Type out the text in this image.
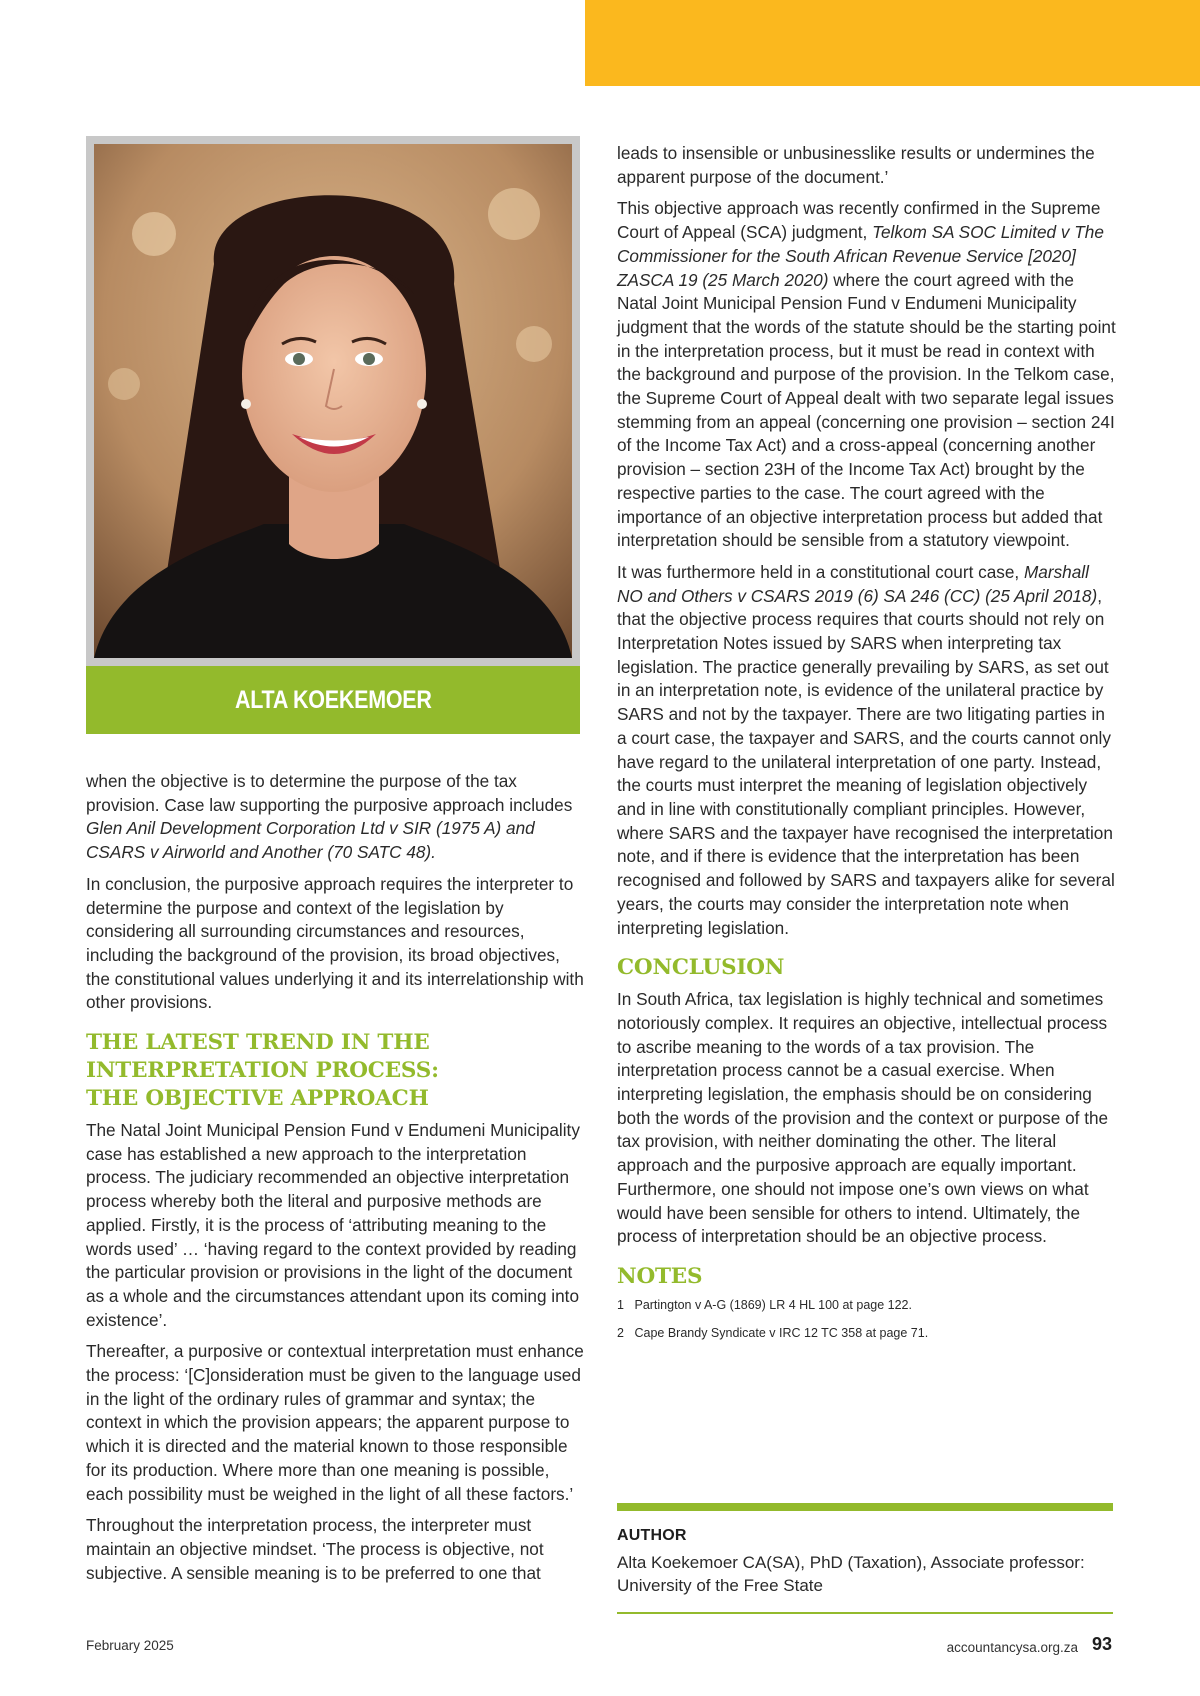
ALTA KOEKEMOER

when the objective is to determine the purpose of the tax provision. Case law supporting the purposive approach includes Glen Anil Development Corporation Ltd v SIR (1975 A) and CSARS v Airworld and Another (70 SATC 48).

In conclusion, the purposive approach requires the interpreter to determine the purpose and context of the legislation by considering all surrounding circumstances and resources, including the background of the provision, its broad objectives, the constitutional values underlying it and its interrelationship with other provisions.

THE LATEST TREND IN THE
INTERPRETATION PROCESS:
THE OBJECTIVE APPROACH

The Natal Joint Municipal Pension Fund v Endumeni Municipality case has established a new approach to the interpretation process. The judiciary recommended an objective interpretation process whereby both the literal and purposive methods are applied. Firstly, it is the process of ‘attributing meaning to the words used’ … ‘having regard to the context provided by reading the particular provision or provisions in the light of the document as a whole and the circumstances attendant upon its coming into existence’.

Thereafter, a purposive or contextual interpretation must enhance the process: ‘[C]onsideration must be given to the language used in the light of the ordinary rules of grammar and syntax; the context in which the provision appears; the apparent purpose to which it is directed and the material known to those responsible for its production. Where more than one meaning is possible, each possibility must be weighed in the light of all these factors.’

Throughout the interpretation process, the interpreter must maintain an objective mindset. ‘The process is objective, not subjective. A sensible meaning is to be preferred to one that

leads to insensible or unbusinesslike results or undermines the apparent purpose of the document.’

This objective approach was recently confirmed in the Supreme Court of Appeal (SCA) judgment, Telkom SA SOC Limited v The Commissioner for the South African Revenue Service [2020] ZASCA 19 (25 March 2020) where the court agreed with the Natal Joint Municipal Pension Fund v Endumeni Municipality judgment that the words of the statute should be the starting point in the interpretation process, but it must be read in context with the background and purpose of the provision. In the Telkom case, the Supreme Court of Appeal dealt with two separate legal issues stemming from an appeal (concerning one provision – section 24I of the Income Tax Act) and a cross-appeal (concerning another provision – section 23H of the Income Tax Act) brought by the respective parties to the case. The court agreed with the importance of an objective interpretation process but added that interpretation should be sensible from a statutory viewpoint.

It was furthermore held in a constitutional court case, Marshall NO and Others v CSARS 2019 (6) SA 246 (CC) (25 April 2018), that the objective process requires that courts should not rely on Interpretation Notes issued by SARS when interpreting tax legislation. The practice generally prevailing by SARS, as set out in an interpretation note, is evidence of the unilateral practice by SARS and not by the taxpayer. There are two litigating parties in a court case, the taxpayer and SARS, and the courts cannot only have regard to the unilateral interpretation of one party. Instead, the courts must interpret the meaning of legislation objectively and in line with constitutionally compliant principles. However, where SARS and the taxpayer have recognised the interpretation note, and if there is evidence that the interpretation has been recognised and followed by SARS and taxpayers alike for several years, the courts may consider the interpretation note when interpreting legislation.

CONCLUSION

In South Africa, tax legislation is highly technical and sometimes notoriously complex. It requires an objective, intellectual process to ascribe meaning to the words of a tax provision. The interpretation process cannot be a casual exercise. When interpreting legislation, the emphasis should be on considering both the words of the provision and the context or purpose of the tax provision, with neither dominating the other. The literal approach and the purposive approach are equally important. Furthermore, one should not impose one’s own views on what would have been sensible for others to intend. Ultimately, the process of interpretation should be an objective process.

NOTES
1 Partington v A-G (1869) LR 4 HL 100 at page 122.
2 Cape Brandy Syndicate v IRC 12 TC 358 at page 71.
AUTHOR
Alta Koekemoer CA(SA), PhD (Taxation), Associate professor:
University of the Free State
February 2025	accountancysa.org.za 93
